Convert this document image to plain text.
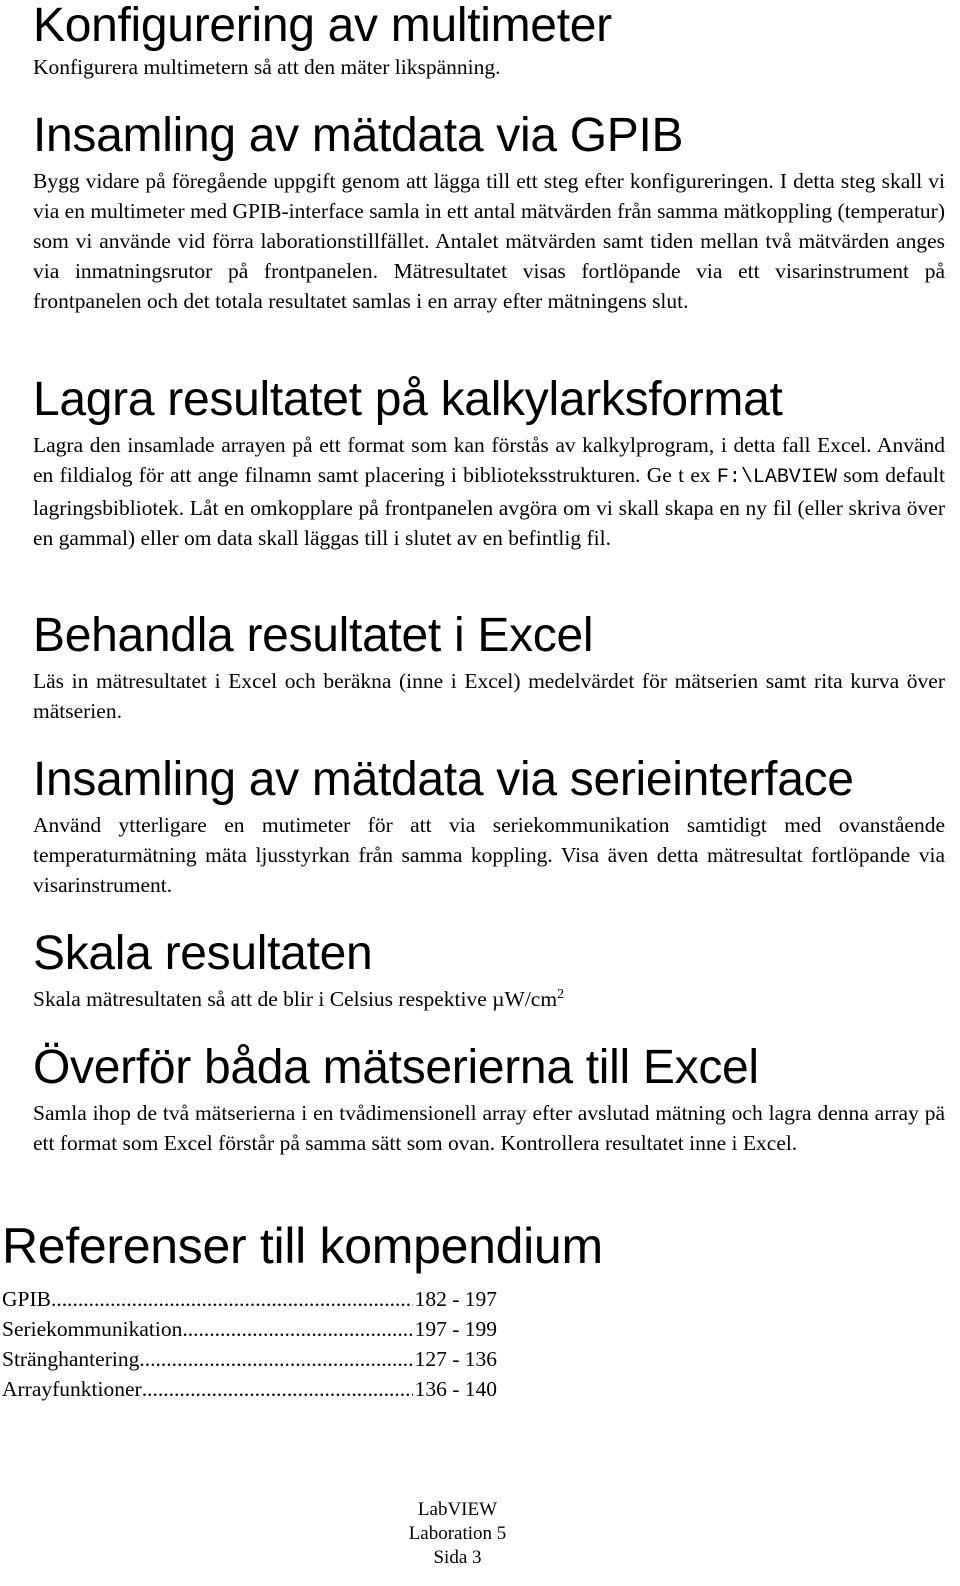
Konfigurering av multimeter

Konfigurera multimetern så att den mäter likspänning.

Insamling av mätdata via GPIB

Bygg vidare på föregående uppgift genom att lägga till ett steg efter konfigureringen. I detta steg skall vi via en multimeter med GPIB-interface samla in ett antal mätvärden från samma mätkoppling (temperatur) som vi använde vid förra laborationstillfället. Antalet mätvärden samt tiden mellan två mätvärden anges via inmatningsrutor på frontpanelen. Mätresultatet visas fortlöpande via ett visarinstrument på frontpanelen och det totala resultatet samlas i en array efter mätningens slut.

Lagra resultatet på kalkylarksformat

Lagra den insamlade arrayen på ett format som kan förstås av kalkylprogram, i detta fall Excel. Använd en fildialog för att ange filnamn samt placering i biblioteksstrukturen. Ge t ex F:\LABVIEW som default lagringsbibliotek. Låt en omkopplare på frontpanelen avgöra om vi skall skapa en ny fil (eller skriva över en gammal) eller om data skall läggas till i slutet av en befintlig fil.

Behandla resultatet i Excel

Läs in mätresultatet i Excel och beräkna (inne i Excel) medelvärdet för mätserien samt rita kurva över mätserien.

Insamling av mätdata via serieinterface

Använd ytterligare en mutimeter för att via seriekommunikation samtidigt med ovanstående temperaturmätning mäta ljusstyrkan från samma koppling. Visa även detta mätresultat fortlöpande via visarinstrument.

Skala resultaten

Skala mätresultaten så att de blir i Celsius respektive $\mu W/cm^2$

Överför båda mätserierna till Excel

Samla ihop de två mätserierna i en tvådimensionell array efter avslutad mätning och lagra denna array pä ett format som Excel förstår på samma sätt som ovan. Kontrollera resultatet inne i Excel.

Referenser till kompendium
GPIB .....	182 - 197
Seriekommunikation .....	197 - 199
Stränghantering .....	127 - 136
Arrayfunktioner .....	136 - 140
LabVIEW
Laboration 5
Sida 3
